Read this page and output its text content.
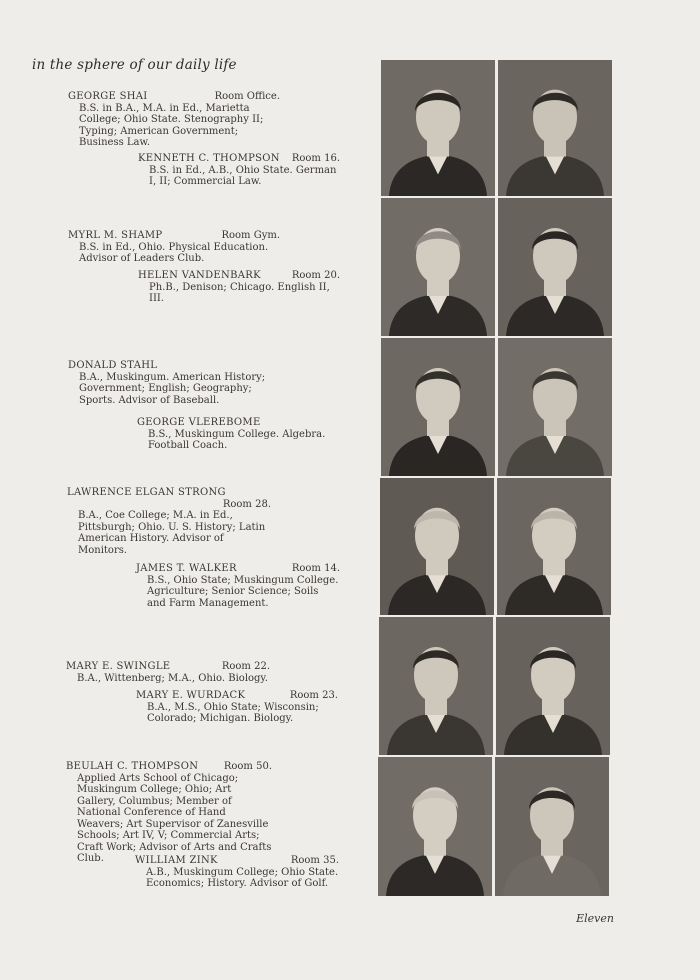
in the sphere of our daily life
GEORGE SHAI	Room Office.
B.S. in B.A., M.A. in Ed., Marietta College; Ohio State. Stenography II; Typing; American Government; Business Law.
KENNETH C. THOMPSON Room 16.
B.S. in Ed., A.B., Ohio State. German I, II; Commercial Law.
MYRL M. SHAMP	Room Gym.
B.S. in Ed., Ohio. Physical Education. Advisor of Leaders Club.
HELEN VANDENBARK	Room 20.
Ph.B., Denison; Chicago. English II, III.
DONALD STAHL
B.A., Muskingum. American History; Government; English; Geography; Sports. Advisor of Baseball.
GEORGE VLEREBOME
B.S., Muskingum College. Algebra. Football Coach.
LAWRENCE ELGAN STRONG
Room 28.
B.A., Coe College; M.A. in Ed., Pittsburgh; Ohio. U. S. History; Latin American History. Advisor of Monitors.
JAMES T. WALKER	Room 14.
B.S., Ohio State; Muskingum College. Agriculture; Senior Science; Soils and Farm Management.
MARY E. SWINGLE	Room 22.
B.A., Wittenberg; M.A., Ohio. Biology.
MARY E. WURDACK	Room 23.
B.A., M.S., Ohio State; Wisconsin; Colorado; Michigan. Biology.
BEULAH C. THOMPSON	Room 50.
Applied Arts School of Chicago; Muskingum College; Ohio; Art Gallery, Columbus; Member of National Conference of Hand Weavers; Art Supervisor of Zanesville Schools; Art IV, V; Commercial Arts; Craft Work; Advisor of Arts and Crafts Club.	WILLIAM ZINK	Room 35.
A.B., Muskingum College; Ohio State. Economics; History. Advisor of Golf.
Eleven
